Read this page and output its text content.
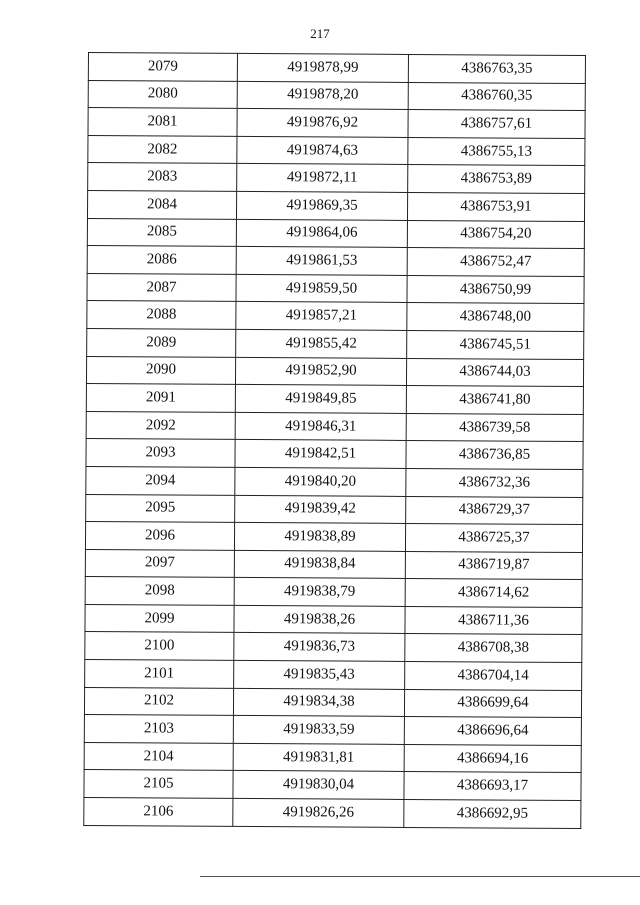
217
2079	4919878,99	4386763,35
2080	4919878,20	4386760,35
2081	4919876,92	4386757,61
2082	4919874,63	4386755,13
2083	4919872,11	4386753,89
2084	4919869,35	4386753,91
2085	4919864,06	4386754,20
2086	4919861,53	4386752,47
2087	4919859,50	4386750,99
2088	4919857,21	4386748,00
2089	4919855,42	4386745,51
2090	4919852,90	4386744,03
2091	4919849,85	4386741,80
2092	4919846,31	4386739,58
2093	4919842,51	4386736,85
2094	4919840,20	4386732,36
2095	4919839,42	4386729,37
2096	4919838,89	4386725,37
2097	4919838,84	4386719,87
2098	4919838,79	4386714,62
2099	4919838,26	4386711,36
2100	4919836,73	4386708,38
2101	4919835,43	4386704,14
2102	4919834,38	4386699,64
2103	4919833,59	4386696,64
2104	4919831,81	4386694,16
2105	4919830,04	4386693,17
2106	4919826,26	4386692,95
